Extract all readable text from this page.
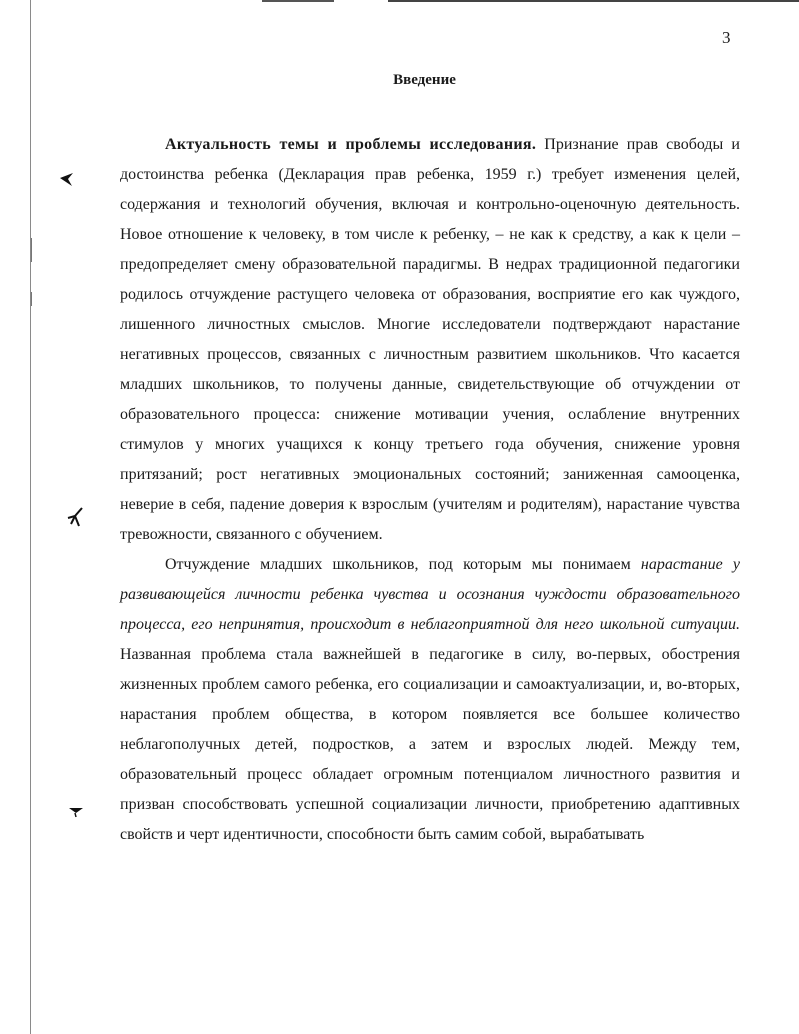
3
Введение

Актуальность темы и проблемы исследования. Признание прав свободы и достоинства ребенка (Декларация прав ребенка, 1959 г.) требует изменения целей, содержания и технологий обучения, включая и контрольно-оценочную деятельность. Новое отношение к человеку, в том числе к ребенку, – не как к средству, а как к цели – предопределяет смену образовательной парадигмы. В недрах традиционной педагогики родилось отчуждение растущего человека от образования, восприятие его как чуждого, лишенного личностных смыслов. Многие исследователи подтверждают нарастание негативных процессов, связанных с личностным развитием школьников. Что касается младших школьников, то получены данные, свидетельствующие об отчуждении от образовательного процесса: снижение мотивации учения, ослабление внутренних стимулов у многих учащихся к концу третьего года обучения, снижение уровня притязаний; рост негативных эмоциональных состояний; заниженная самооценка, неверие в себя, падение доверия к взрослым (учителям и родителям), нарастание чувства тревожности, связанного с обучением.

Отчуждение младших школьников, под которым мы понимаем нарастание у развивающейся личности ребенка чувства и осознания чуждости образовательного процесса, его непринятия, происходит в неблагоприятной для него школьной ситуации. Названная проблема стала важнейшей в педагогике в силу, во-первых, обострения жизненных проблем самого ребенка, его социализации и самоактуализации, и, во-вторых, нарастания проблем общества, в котором появляется все большее количество неблагополучных детей, подростков, а затем и взрослых людей. Между тем, образовательный процесс обладает огромным потенциалом личностного развития и призван способствовать успешной социализации личности, приобретению адаптивных свойств и черт идентичности, способности быть самим собой, вырабатывать
